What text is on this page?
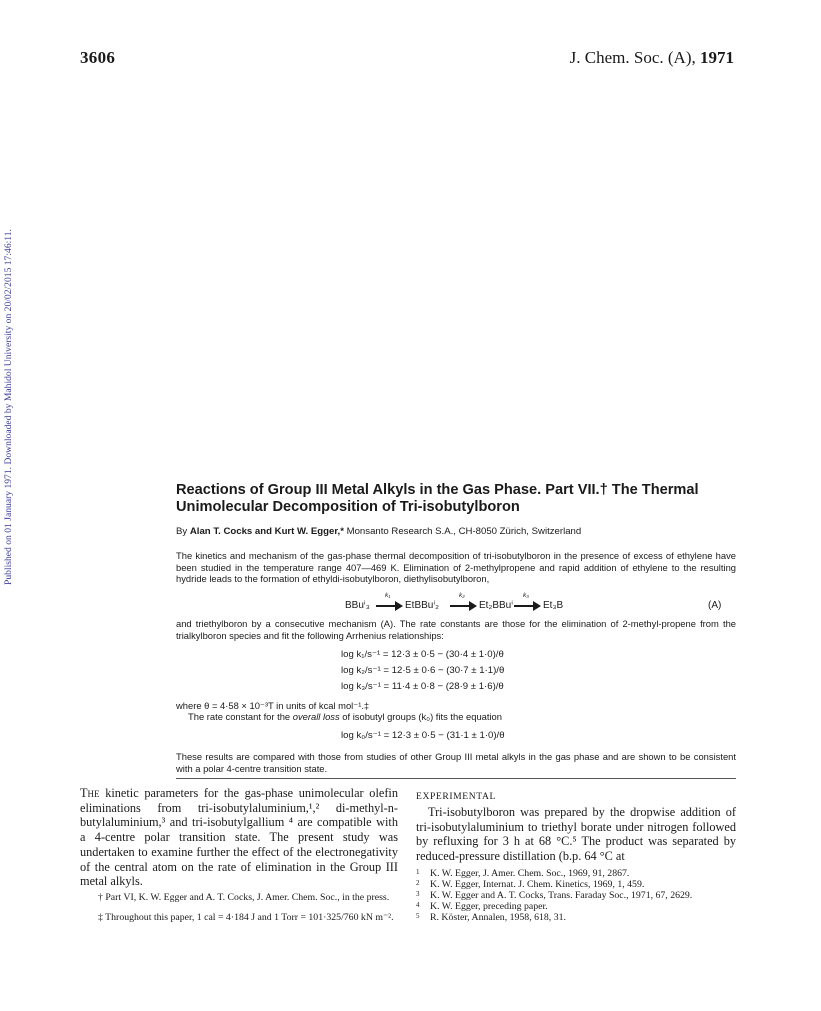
3606	J. Chem. Soc. (A), 1971
Published on 01 January 1971. Downloaded by Mahidol University on 20/02/2015 17:46:11.	Reactions of Group III Metal Alkyls in the Gas Phase. Part VII.† The Thermal Unimolecular Decomposition of Tri-isobutylboron
By Alan T. Cocks and Kurt W. Egger,* Monsanto Research S.A., CH-8050 Zürich, Switzerland

The kinetics and mechanism of the gas-phase thermal decomposition of tri-isobutylboron in the presence of excess of ethylene have been studied in the temperature range 407—469 K. Elimination of 2-methylpropene and rapid addition of ethylene to the resulting hydride leads to the formation of ethyldi-isobutylboron, diethylisobutylboron,

BBuⁱ₃
k₁
EtBBuⁱ₂
k₂
Et₂BBuⁱ
k₃
Et₃B	(A)

and triethylboron by a consecutive mechanism (A). The rate constants are those for the elimination of 2-methyl-propene from the trialkylboron species and fit the following Arrhenius relationships:

log k₁/s⁻¹ = 12·3 ± 0·5 − (30·4 ± 1·0)/θ
log k₂/s⁻¹ = 12·5 ± 0·6 − (30·7 ± 1·1)/θ
log k₃/s⁻¹ = 11·4 ± 0·8 − (28·9 ± 1·6)/θ

where θ = 4·58 × 10⁻³T in units of kcal mol⁻¹.‡

The rate constant for the overall loss of isobutyl groups (k₀) fits the equation

log k₀/s⁻¹ = 12·3 ± 0·5 − (31·1 ± 1·0)/θ

These results are compared with those from studies of other Group III metal alkyls in the gas phase and are shown to be consistent with a polar 4-centre transition state.

The kinetic parameters for the gas-phase unimolecular olefin eliminations from tri-isobutylaluminium,¹,² di-methyl-n-butylaluminium,³ and tri-isobutylgallium ⁴ are compatible with a 4-centre polar transition state. The present study was undertaken to examine further the effect of the electronegativity of the central atom on the rate of elimination in the Group III metal alkyls.

EXPERIMENTAL

Tri-isobutylboron was prepared by the dropwise addition of tri-isobutylaluminium to triethyl borate under nitrogen followed by refluxing for 3 h at 68 °C.⁵ The product was separated by reduced-pressure distillation (b.p. 64 °C at

† Part VI, K. W. Egger and A. T. Cocks, J. Amer. Chem. Soc., in the press.

‡ Throughout this paper, 1 cal = 4·184 J and 1 Torr = 101·325/760 kN m⁻².

1 K. W. Egger, J. Amer. Chem. Soc., 1969, 91, 2867.
2 K. W. Egger, Internat. J. Chem. Kinetics, 1969, 1, 459.
3 K. W. Egger and A. T. Cocks, Trans. Faraday Soc., 1971, 67, 2629.
4 K. W. Egger, preceding paper.
5 R. Köster, Annalen, 1958, 618, 31.
